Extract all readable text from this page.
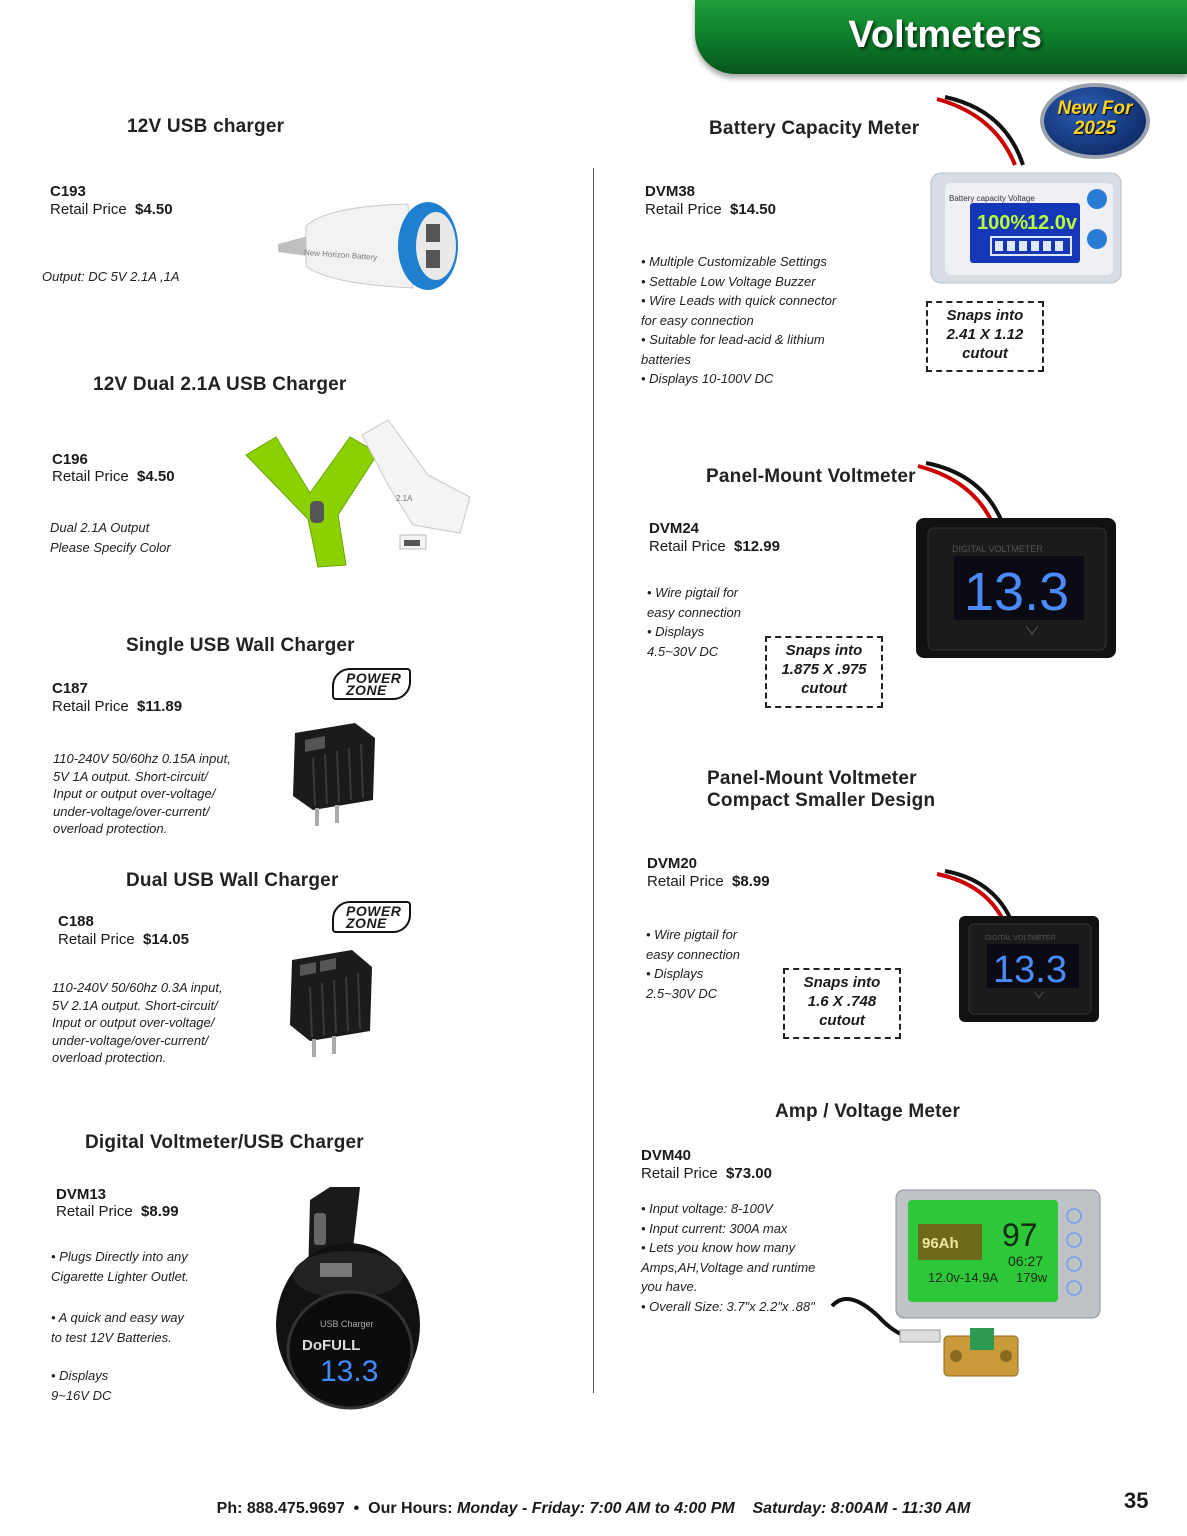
Voltmeters
12V USB charger
C193
Retail Price $4.50
Output: DC 5V 2.1A ,1A
New Horizon Battery
12V Dual 2.1A USB Charger
C196
Retail Price $4.50
Dual 2.1A Output
Please Specify Color
2.1A
Single USB Wall Charger
POWER
ZONE
C187
Retail Price $11.89
110-240V 50/60hz 0.15A input,
5V 1A output. Short-circuit/
Input or output over-voltage/
under-voltage/over-current/
overload protection.
Dual USB Wall Charger
POWER
ZONE
C188
Retail Price $14.05
110-240V 50/60hz 0.3A input,
5V 2.1A output. Short-circuit/
Input or output over-voltage/
under-voltage/over-current/
overload protection.
Digital Voltmeter/USB Charger
DVM13
Retail Price $8.99
• Plugs Directly into any
Cigarette Lighter Outlet.
• A quick and easy way
to test 12V Batteries.
• Displays
9~16V DC
USB Charger
DoFULL
13.3
Battery Capacity Meter
New For
2025
DVM38
Retail Price $14.50
• Multiple Customizable Settings
• Settable Low Voltage Buzzer
• Wire Leads with quick connector
for easy connection
• Suitable for lead-acid & lithium
batteries
• Displays 10-100V DC
Snaps into
2.41 X 1.12
cutout
Battery capacity Voltage
100%
12.0v
Panel-Mount Voltmeter
DVM24
Retail Price $12.99
• Wire pigtail for
easy connection
• Displays
4.5~30V DC	Snaps into
1.875 X .975
cutout
DIGITAL VOLTMETER
13.3
Panel-Mount Voltmeter
Compact Smaller Design
DVM20
Retail Price $8.99
• Wire pigtail for
easy connection
• Displays
2.5~30V DC
Snaps into
1.6 X .748
cutout
DIGITAL VOLTMETER
13.3
Amp / Voltage Meter
DVM40
Retail Price $73.00
• Input voltage: 8-100V
• Input current: 300A max
• Lets you know how many
Amps,AH,Voltage and runtime
you have.
• Overall Size: 3.7"x 2.2"x .88"
96Ah 97
06:27
12.0v-14.9A 179w
Ph: 888.475.9697 • Our Hours: Monday - Friday: 7:00 AM to 4:00 PM Saturday: 8:00AM - 11:30 AM	35
